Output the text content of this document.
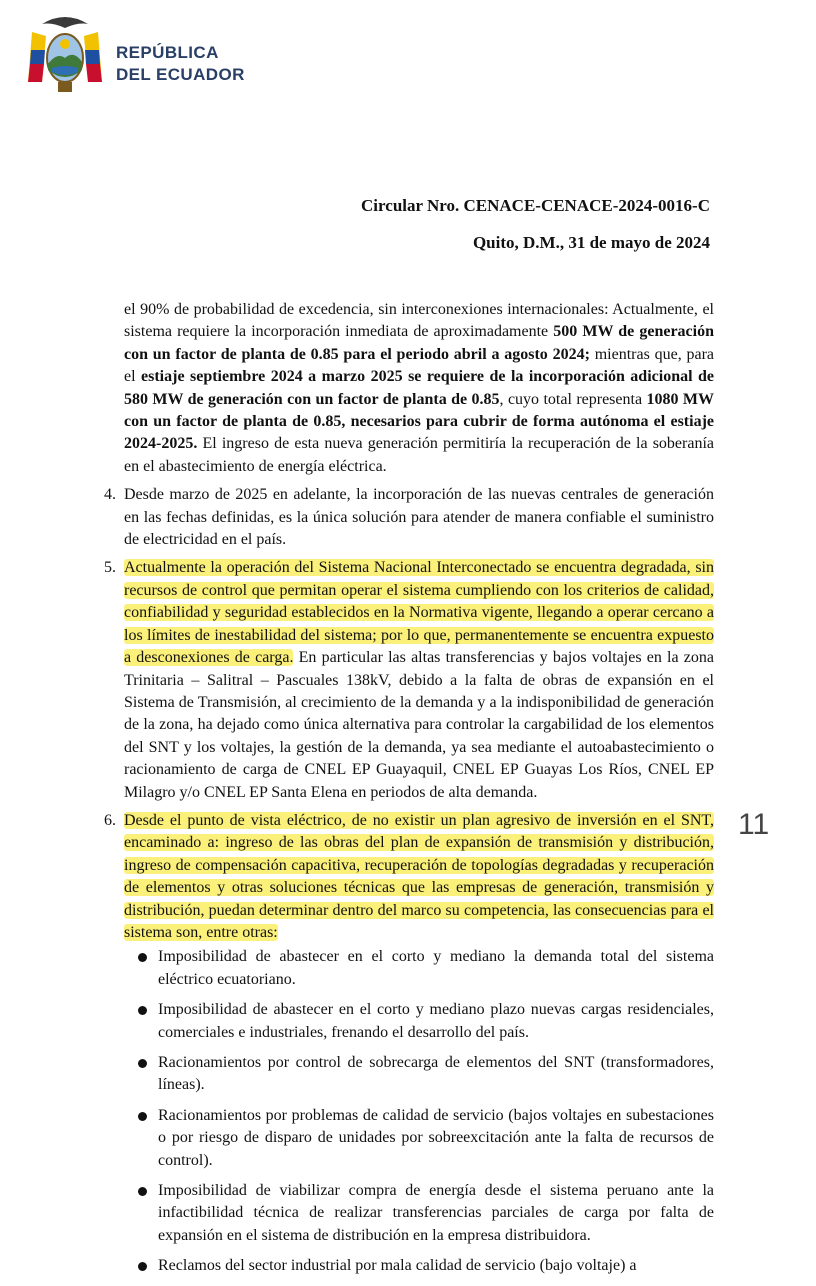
REPÚBLICA
DEL ECUADOR
Circular Nro. CENACE-CENACE-2024-0016-C
Quito, D.M., 31 de mayo de 2024
11

el 90% de probabilidad de excedencia, sin interconexiones internacionales: Actualmente, el sistema requiere la incorporación inmediata de aproximadamente 500 MW de generación con un factor de planta de 0.85 para el periodo abril a agosto 2024; mientras que, para el estiaje septiembre 2024 a marzo 2025 se requiere de la incorporación adicional de 580 MW de generación con un factor de planta de 0.85, cuyo total representa 1080 MW con un factor de planta de 0.85, necesarios para cubrir de forma autónoma el estiaje 2024-2025. El ingreso de esta nueva generación permitiría la recuperación de la soberanía en el abastecimiento de energía eléctrica.

4. Desde marzo de 2025 en adelante, la incorporación de las nuevas centrales de generación en las fechas definidas, es la única solución para atender de manera confiable el suministro de electricidad en el país.
5. Actualmente la operación del Sistema Nacional Interconectado se encuentra degradada, sin recursos de control que permitan operar el sistema cumpliendo con los criterios de calidad, confiabilidad y seguridad establecidos en la Normativa vigente, llegando a operar cercano a los límites de inestabilidad del sistema; por lo que, permanentemente se encuentra expuesto a desconexiones de carga. En particular las altas transferencias y bajos voltajes en la zona Trinitaria – Salitral – Pascuales 138kV, debido a la falta de obras de expansión en el Sistema de Transmisión, al crecimiento de la demanda y a la indisponibilidad de generación de la zona, ha dejado como única alternativa para controlar la cargabilidad de los elementos del SNT y los voltajes, la gestión de la demanda, ya sea mediante el autoabastecimiento o racionamiento de carga de CNEL EP Guayaquil, CNEL EP Guayas Los Ríos, CNEL EP Milagro y/o CNEL EP Santa Elena en periodos de alta demanda.
6. Desde el punto de vista eléctrico, de no existir un plan agresivo de inversión en el SNT, encaminado a: ingreso de las obras del plan de expansión de transmisión y distribución, ingreso de compensación capacitiva, recuperación de topologías degradadas y recuperación de elementos y otras soluciones técnicas que las empresas de generación, transmisión y distribución, puedan determinar dentro del marco su competencia, las consecuencias para el sistema son, entre otras:
Imposibilidad de abastecer en el corto y mediano la demanda total del sistema eléctrico ecuatoriano.
Imposibilidad de abastecer en el corto y mediano plazo nuevas cargas residenciales, comerciales e industriales, frenando el desarrollo del país.
Racionamientos por control de sobrecarga de elementos del SNT (transformadores, líneas).
Racionamientos por problemas de calidad de servicio (bajos voltajes en subestaciones o por riesgo de disparo de unidades por sobreexcitación ante la falta de recursos de control).
Imposibilidad de viabilizar compra de energía desde el sistema peruano ante la infactibilidad técnica de realizar transferencias parciales de carga por falta de expansión en el sistema de distribución en la empresa distribuidora.
Reclamos del sector industrial por mala calidad de servicio (bajo voltaje) a
